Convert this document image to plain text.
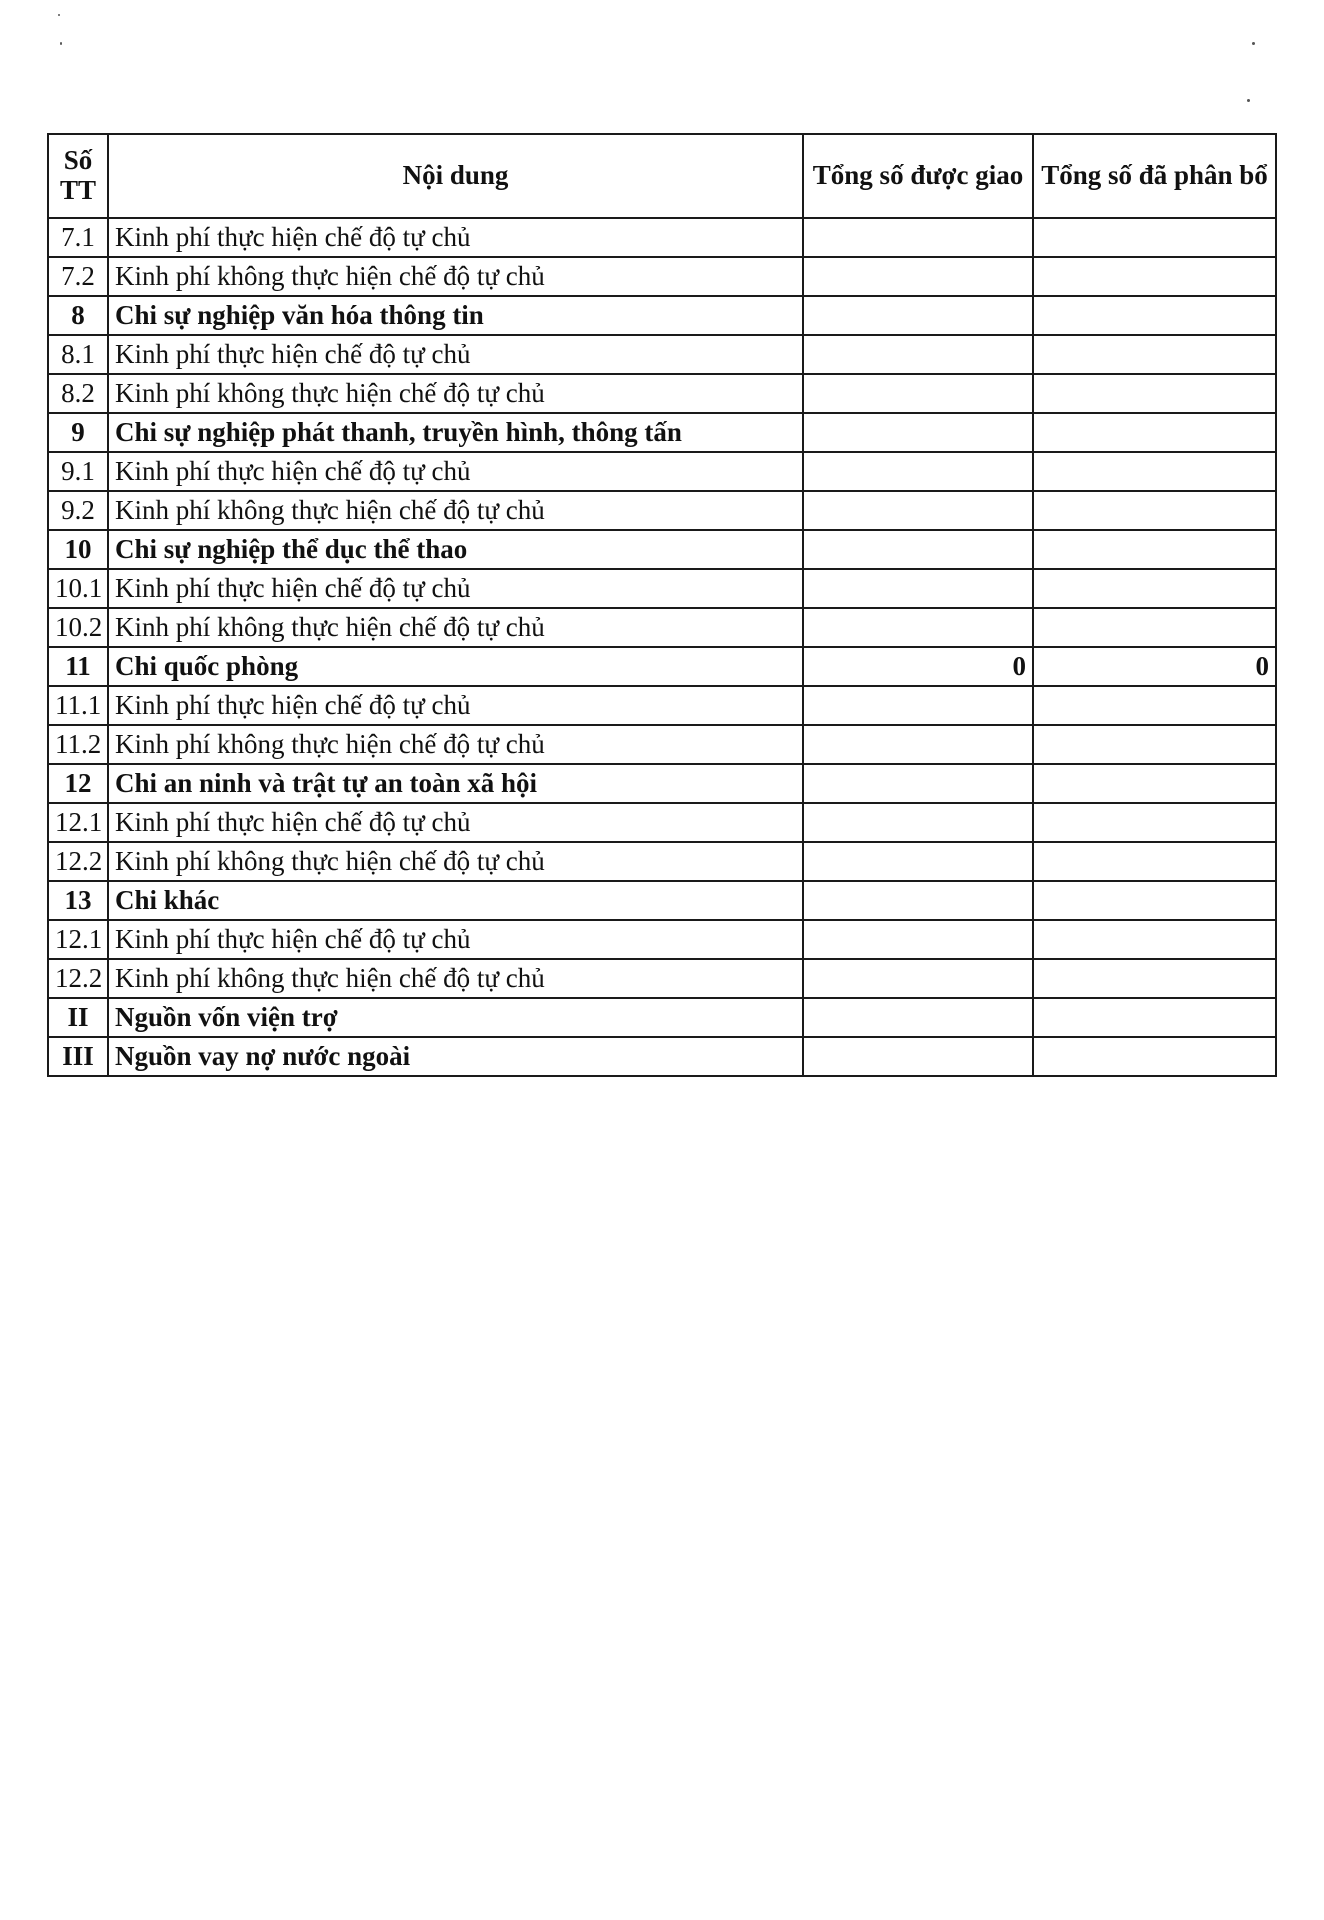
Số TT	Nội dung	Tổng số được giao	Tổng số đã phân bổ
7.1	Kinh phí thực hiện chế độ tự chủ		
7.2	Kinh phí không thực hiện chế độ tự chủ		
8	Chi sự nghiệp văn hóa thông tin		
8.1	Kinh phí thực hiện chế độ tự chủ		
8.2	Kinh phí không thực hiện chế độ tự chủ		
9	Chi sự nghiệp phát thanh, truyền hình, thông tấn		
9.1	Kinh phí thực hiện chế độ tự chủ		
9.2	Kinh phí không thực hiện chế độ tự chủ		
10	Chi sự nghiệp thể dục thể thao		
10.1	Kinh phí thực hiện chế độ tự chủ		
10.2	Kinh phí không thực hiện chế độ tự chủ		
11	Chi quốc phòng	0	0
11.1	Kinh phí thực hiện chế độ tự chủ		
11.2	Kinh phí không thực hiện chế độ tự chủ		
12	Chi an ninh và trật tự an toàn xã hội		
12.1	Kinh phí thực hiện chế độ tự chủ		
12.2	Kinh phí không thực hiện chế độ tự chủ		
13	Chi khác		
12.1	Kinh phí thực hiện chế độ tự chủ		
12.2	Kinh phí không thực hiện chế độ tự chủ		
II	Nguồn vốn viện trợ		
III	Nguồn vay nợ nước ngoài		
